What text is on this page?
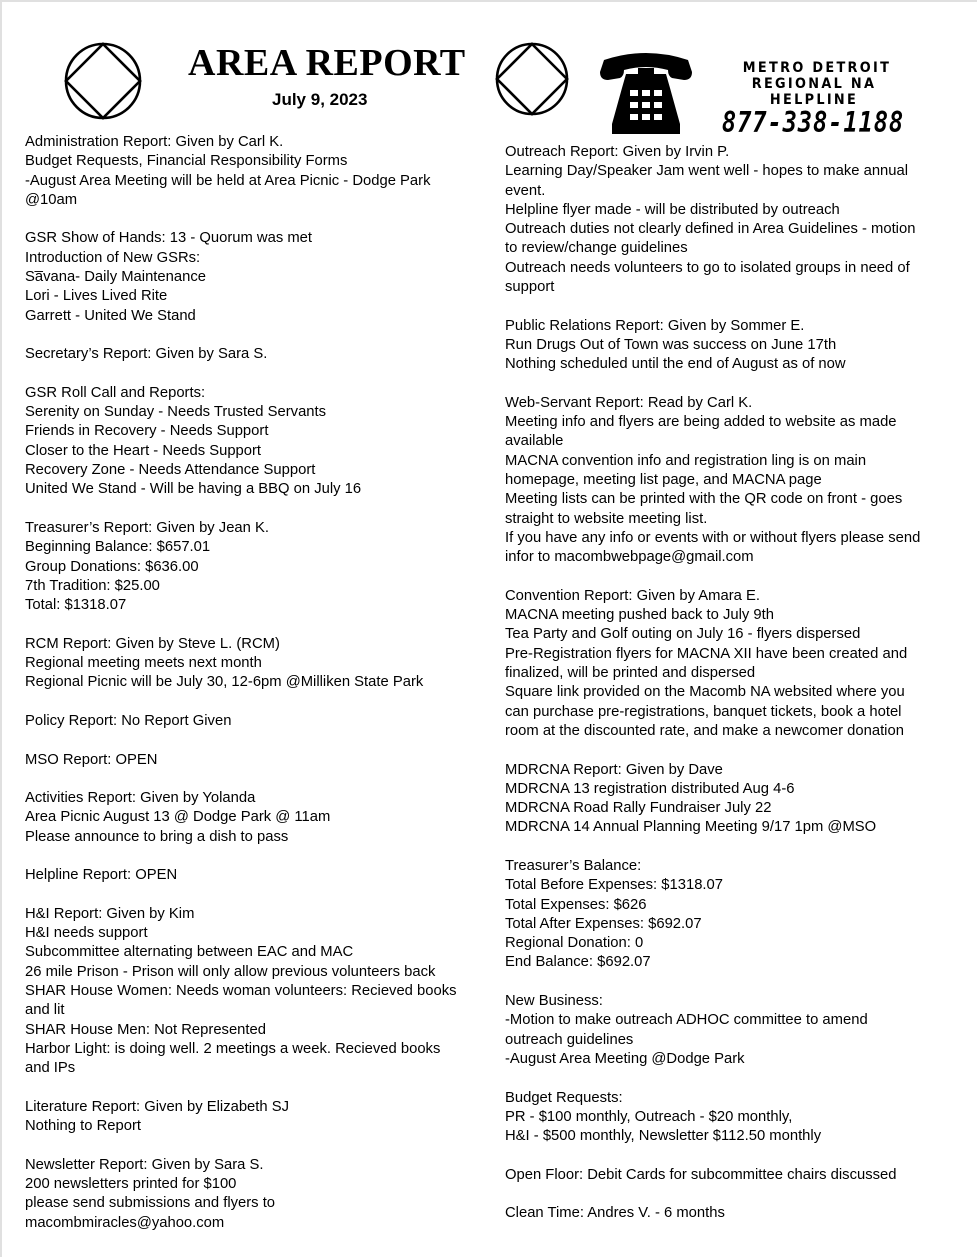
AREA REPORT
July 9, 2023
METRO DETROIT
REGIONAL NA HELPLINE
877-338-1188
Administration Report: Given by Carl K.
Budget Requests, Financial Responsibility Forms
-August Area Meeting will be held at Area Picnic - Dodge Park
@10am
GSR Show of Hands: 13 - Quorum was met
Introduction of New GSRs:
Sa̅vana- Daily Maintenance
Lori - Lives Lived Rite
Garrett - United We Stand
Secretary’s Report: Given by Sara S.
GSR Roll Call and Reports:
Serenity on Sunday - Needs Trusted Servants
Friends in Recovery - Needs Support
Closer to the Heart - Needs Support
Recovery Zone - Needs Attendance Support
United We Stand - Will be having a BBQ on July 16
Treasurer’s Report: Given by Jean K.
Beginning Balance: $657.01
Group Donations: $636.00
7th Tradition: $25.00
Total: $1318.07
RCM Report: Given by Steve L. (RCM)
Regional meeting meets next month
Regional Picnic will be July 30, 12-6pm @Milliken State Park
Policy Report: No Report Given
MSO Report: OPEN
Activities Report: Given by Yolanda
Area Picnic August 13 @ Dodge Park @ 11am
Please announce to bring a dish to pass
Helpline Report: OPEN
H&I Report: Given by Kim
H&I needs support
Subcommittee alternating between EAC and MAC
26 mile Prison - Prison will only allow previous volunteers back
SHAR House Women: Needs woman volunteers: Recieved books
and lit
SHAR House Men: Not Represented
Harbor Light: is doing well. 2 meetings a week. Recieved books
and IPs
Literature Report: Given by Elizabeth SJ
Nothing to Report
Newsletter Report: Given by Sara S.
200 newsletters printed for $100
please send submissions and flyers to
macombmiracles@yahoo.com
Outreach Report: Given by Irvin P.
Learning Day/Speaker Jam went well - hopes to make annual
event.
Helpline flyer made - will be distributed by outreach
Outreach duties not clearly defined in Area Guidelines - motion
to review/change guidelines
Outreach needs volunteers to go to isolated groups in need of
support
Public Relations Report: Given by Sommer E.
Run Drugs Out of Town was success on June 17th
Nothing scheduled until the end of August as of now
Web-Servant Report: Read by Carl K.
Meeting info and flyers are being added to website as made
available
MACNA convention info and registration ling is on main
homepage, meeting list page, and MACNA page
Meeting lists can be printed with the QR code on front - goes
straight to website meeting list.
If you have any info or events with or without flyers please send
infor to macombwebpage@gmail.com
Convention Report: Given by Amara E.
MACNA meeting pushed back to July 9th
Tea Party and Golf outing on July 16 - flyers dispersed
Pre-Registration flyers for MACNA XII have been created and
finalized, will be printed and dispersed
Square link provided on the Macomb NA websited where you
can purchase pre-registrations, banquet tickets, book a hotel
room at the discounted rate, and make a newcomer donation
MDRCNA Report: Given by Dave
MDRCNA 13 registration distributed Aug 4-6
MDRCNA Road Rally Fundraiser July 22
MDRCNA 14 Annual Planning Meeting 9/17 1pm @MSO
Treasurer’s Balance:
Total Before Expenses: $1318.07
Total Expenses: $626
Total After Expenses: $692.07
Regional Donation: 0
End Balance: $692.07
New Business:
-Motion to make outreach ADHOC committee to amend
outreach guidelines
-August Area Meeting @Dodge Park
Budget Requests:
PR - $100 monthly, Outreach - $20 monthly,
H&I - $500 monthly, Newsletter $112.50 monthly
Open Floor: Debit Cards for subcommittee chairs discussed
Clean Time: Andres V. - 6 months
